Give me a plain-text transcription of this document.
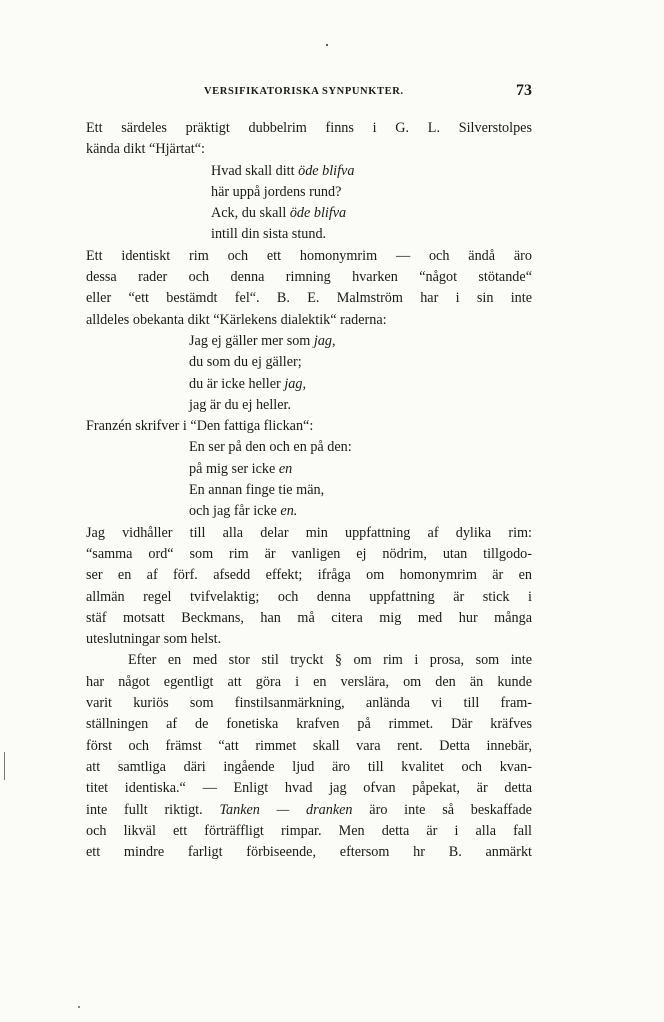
VERSIFIKATORISKA SYNPUNKTER.	73
Ett särdeles präktigt dubbelrim finns i G. L. Silverstolpes
kända dikt “Hjärtat“:
Hvad skall ditt öde blifva
här uppå jordens rund?
Ack, du skall öde blifva
intill din sista stund.
Ett identiskt rim och ett homonymrim — och ändå äro
dessa rader och denna rimning hvarken “något stötande“
eller “ett bestämdt fel“. B. E. Malmström har i sin inte
alldeles obekanta dikt “Kärlekens dialektik“ raderna:
Jag ej gäller mer som jag,
du som du ej gäller;
du är icke heller jag,
jag är du ej heller.
Franzén skrifver i “Den fattiga flickan“:
En ser på den och en på den:
på mig ser icke en
En annan finge tie män,
och jag får icke en.
Jag vidhåller till alla delar min uppfattning af dylika rim:
“samma ord“ som rim är vanligen ej nödrim, utan tillgodo-
ser en af förf. afsedd effekt; ifråga om homonymrim är en
allmän regel tvifvelaktig; och denna uppfattning är stick i
stäf motsatt Beckmans, han må citera mig med hur många
uteslutningar som helst.
Efter en med stor stil tryckt § om rim i prosa, som inte
har något egentligt att göra i en verslära, om den än kunde
varit kuriös som finstilsanmärkning, anlända vi till fram-
ställningen af de fonetiska krafven på rimmet. Där kräfves
först och främst “att rimmet skall vara rent. Detta innebär,
att samtliga däri ingående ljud äro till kvalitet och kvan-
titet identiska.“ — Enligt hvad jag ofvan påpekat, är detta
inte fullt riktigt. Tanken — dranken äro inte så beskaffade
och likväl ett förträffligt rimpar. Men detta är i alla fall
ett mindre farligt förbiseende, eftersom hr B. anmärkt
